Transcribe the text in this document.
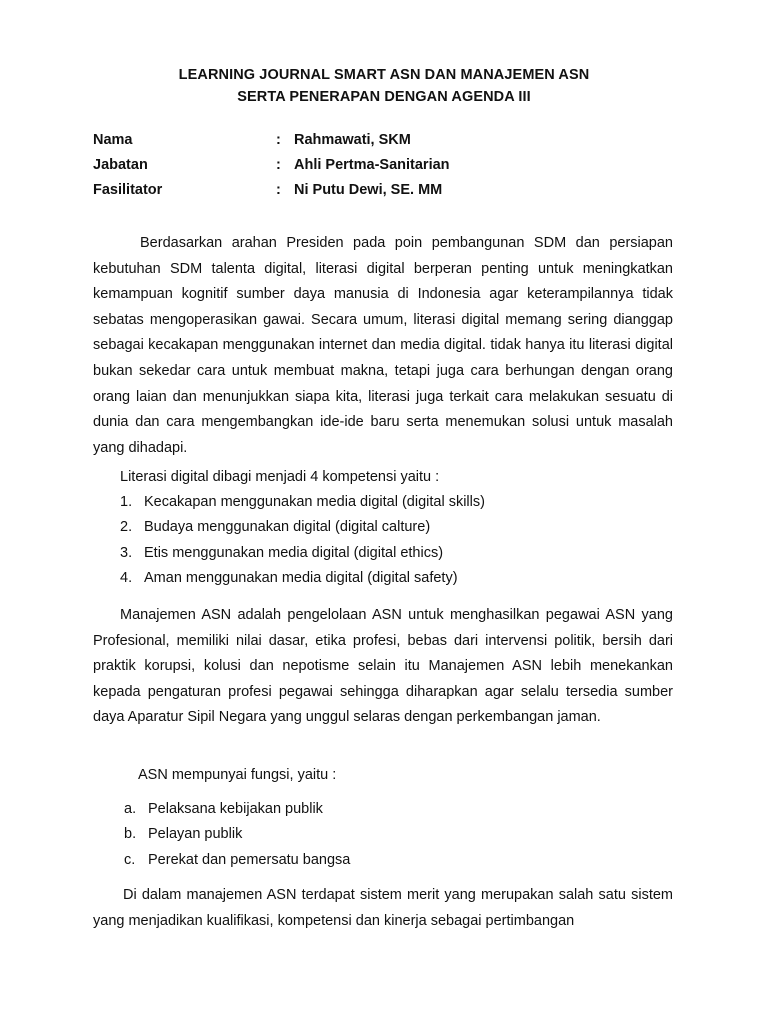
LEARNING JOURNAL SMART ASN DAN MANAJEMEN ASN
SERTA PENERAPAN DENGAN AGENDA III
Nama	: Rahmawati, SKM
Jabatan	: Ahli Pertma-Sanitarian
Fasilitator	: Ni Putu Dewi, SE. MM
Berdasarkan arahan Presiden pada poin pembangunan SDM dan persiapan kebutuhan SDM talenta digital, literasi digital berperan penting untuk meningkatkan kemampuan kognitif sumber daya manusia di Indonesia agar keterampilannya tidak sebatas mengoperasikan gawai. Secara umum, literasi digital memang sering dianggap sebagai kecakapan menggunakan internet dan media digital. tidak hanya itu literasi digital bukan sekedar cara untuk membuat makna, tetapi juga cara berhungan dengan orang orang laian dan menunjukkan siapa kita, literasi juga terkait cara melakukan sesuatu di dunia dan cara mengembangkan ide-ide baru serta menemukan solusi untuk masalah yang dihadapi.
Literasi digital dibagi menjadi 4 kompetensi yaitu :
1. Kecakapan menggunakan media digital (digital skills)
2. Budaya menggunakan digital (digital calture)
3. Etis menggunakan media digital (digital ethics)
4. Aman menggunakan media digital (digital safety)
Manajemen ASN adalah pengelolaan ASN untuk menghasilkan pegawai ASN yang Profesional, memiliki nilai dasar, etika profesi, bebas dari intervensi politik, bersih dari praktik korupsi, kolusi dan nepotisme selain itu Manajemen ASN lebih menekankan kepada pengaturan profesi pegawai sehingga diharapkan agar selalu tersedia sumber daya Aparatur Sipil Negara yang unggul selaras dengan perkembangan jaman.
ASN mempunyai fungsi, yaitu :
a. Pelaksana kebijakan publik
b. Pelayan publik
c. Perekat dan pemersatu bangsa
Di dalam manajemen ASN terdapat sistem merit yang merupakan salah satu sistem yang menjadikan kualifikasi, kompetensi dan kinerja sebagai pertimbangan
